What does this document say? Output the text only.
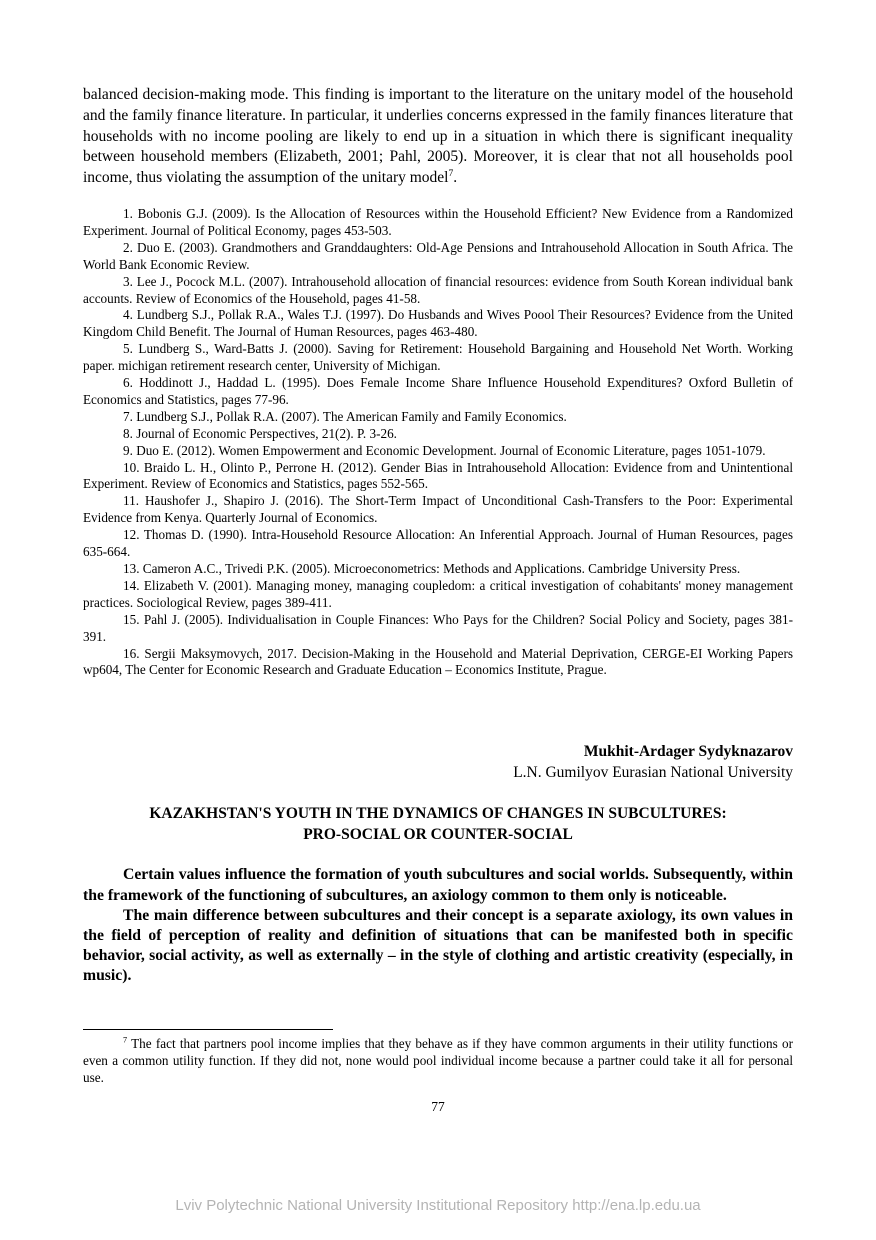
balanced decision-making mode. This finding is important to the literature on the unitary model of the household and the family finance literature. In particular, it underlies concerns expressed in the family finances literature that households with no income pooling are likely to end up in a situation in which there is significant inequality between household members (Elizabeth, 2001; Pahl, 2005). Moreover, it is clear that not all households pool income, thus violating the assumption of the unitary model$^7$.

1. Bobonis G.J. (2009). Is the Allocation of Resources within the Household Efficient? New Evidence from a Randomized Experiment. Journal of Political Economy, pages 453-503.

2. Duo E. (2003). Grandmothers and Granddaughters: Old-Age Pensions and Intrahousehold Allocation in South Africa. The World Bank Economic Review.

3. Lee J., Pocock M.L. (2007). Intrahousehold allocation of financial resources: evidence from South Korean individual bank accounts. Review of Economics of the Household, pages 41-58.

4. Lundberg S.J., Pollak R.A., Wales T.J. (1997). Do Husbands and Wives Poool Their Resources? Evidence from the United Kingdom Child Benefit. The Journal of Human Resources, pages 463-480.

5. Lundberg S., Ward-Batts J. (2000). Saving for Retirement: Household Bargaining and Household Net Worth. Working paper. michigan retirement research center, University of Michigan.

6. Hoddinott J., Haddad L. (1995). Does Female Income Share Influence Household Expenditures? Oxford Bulletin of Economics and Statistics, pages 77-96.

7. Lundberg S.J., Pollak R.A. (2007). The American Family and Family Economics.

8. Journal of Economic Perspectives, 21(2). P. 3-26.

9. Duo E. (2012). Women Empowerment and Economic Development. Journal of Economic Literature, pages 1051-1079.

10. Braido L. H., Olinto P., Perrone H. (2012). Gender Bias in Intrahousehold Allocation: Evidence from and Unintentional Experiment. Review of Economics and Statistics, pages 552-565.

11. Haushofer J., Shapiro J. (2016). The Short-Term Impact of Unconditional Cash-Transfers to the Poor: Experimental Evidence from Kenya. Quarterly Journal of Economics.

12. Thomas D. (1990). Intra-Household Resource Allocation: An Inferential Approach. Journal of Human Resources, pages 635-664.

13. Cameron A.C., Trivedi P.K. (2005). Microeconometrics: Methods and Applications. Cambridge University Press.

14. Elizabeth V. (2001). Managing money, managing coupledom: a critical investigation of cohabitants' money management practices. Sociological Review, pages 389-411.

15. Pahl J. (2005). Individualisation in Couple Finances: Who Pays for the Children? Social Policy and Society, pages 381-391.

16. Sergii Maksymovych, 2017. Decision-Making in the Household and Material Deprivation, CERGE-EI Working Papers wp604, The Center for Economic Research and Graduate Education – Economics Institute, Prague.

Mukhit-Ardager Sydyknazarov

L.N. Gumilyov Eurasian National University

KAZAKHSTAN'S YOUTH IN THE DYNAMICS OF CHANGES IN SUBCULTURES:
PRO-SOCIAL OR COUNTER-SOCIAL

Certain values influence the formation of youth subcultures and social worlds. Subsequently, within the framework of the functioning of subcultures, an axiology common to them only is noticeable.

The main difference between subcultures and their concept is a separate axiology, its own values in the field of perception of reality and definition of situations that can be manifested both in specific behavior, social activity, as well as externally – in the style of clothing and artistic creativity (especially, in music).

$^7$ The fact that partners pool income implies that they behave as if they have common arguments in their utility functions or even a common utility function. If they did not, none would pool individual income because a partner could take it all for personal use.

77
Lviv Polytechnic National University Institutional Repository http://ena.lp.edu.ua
